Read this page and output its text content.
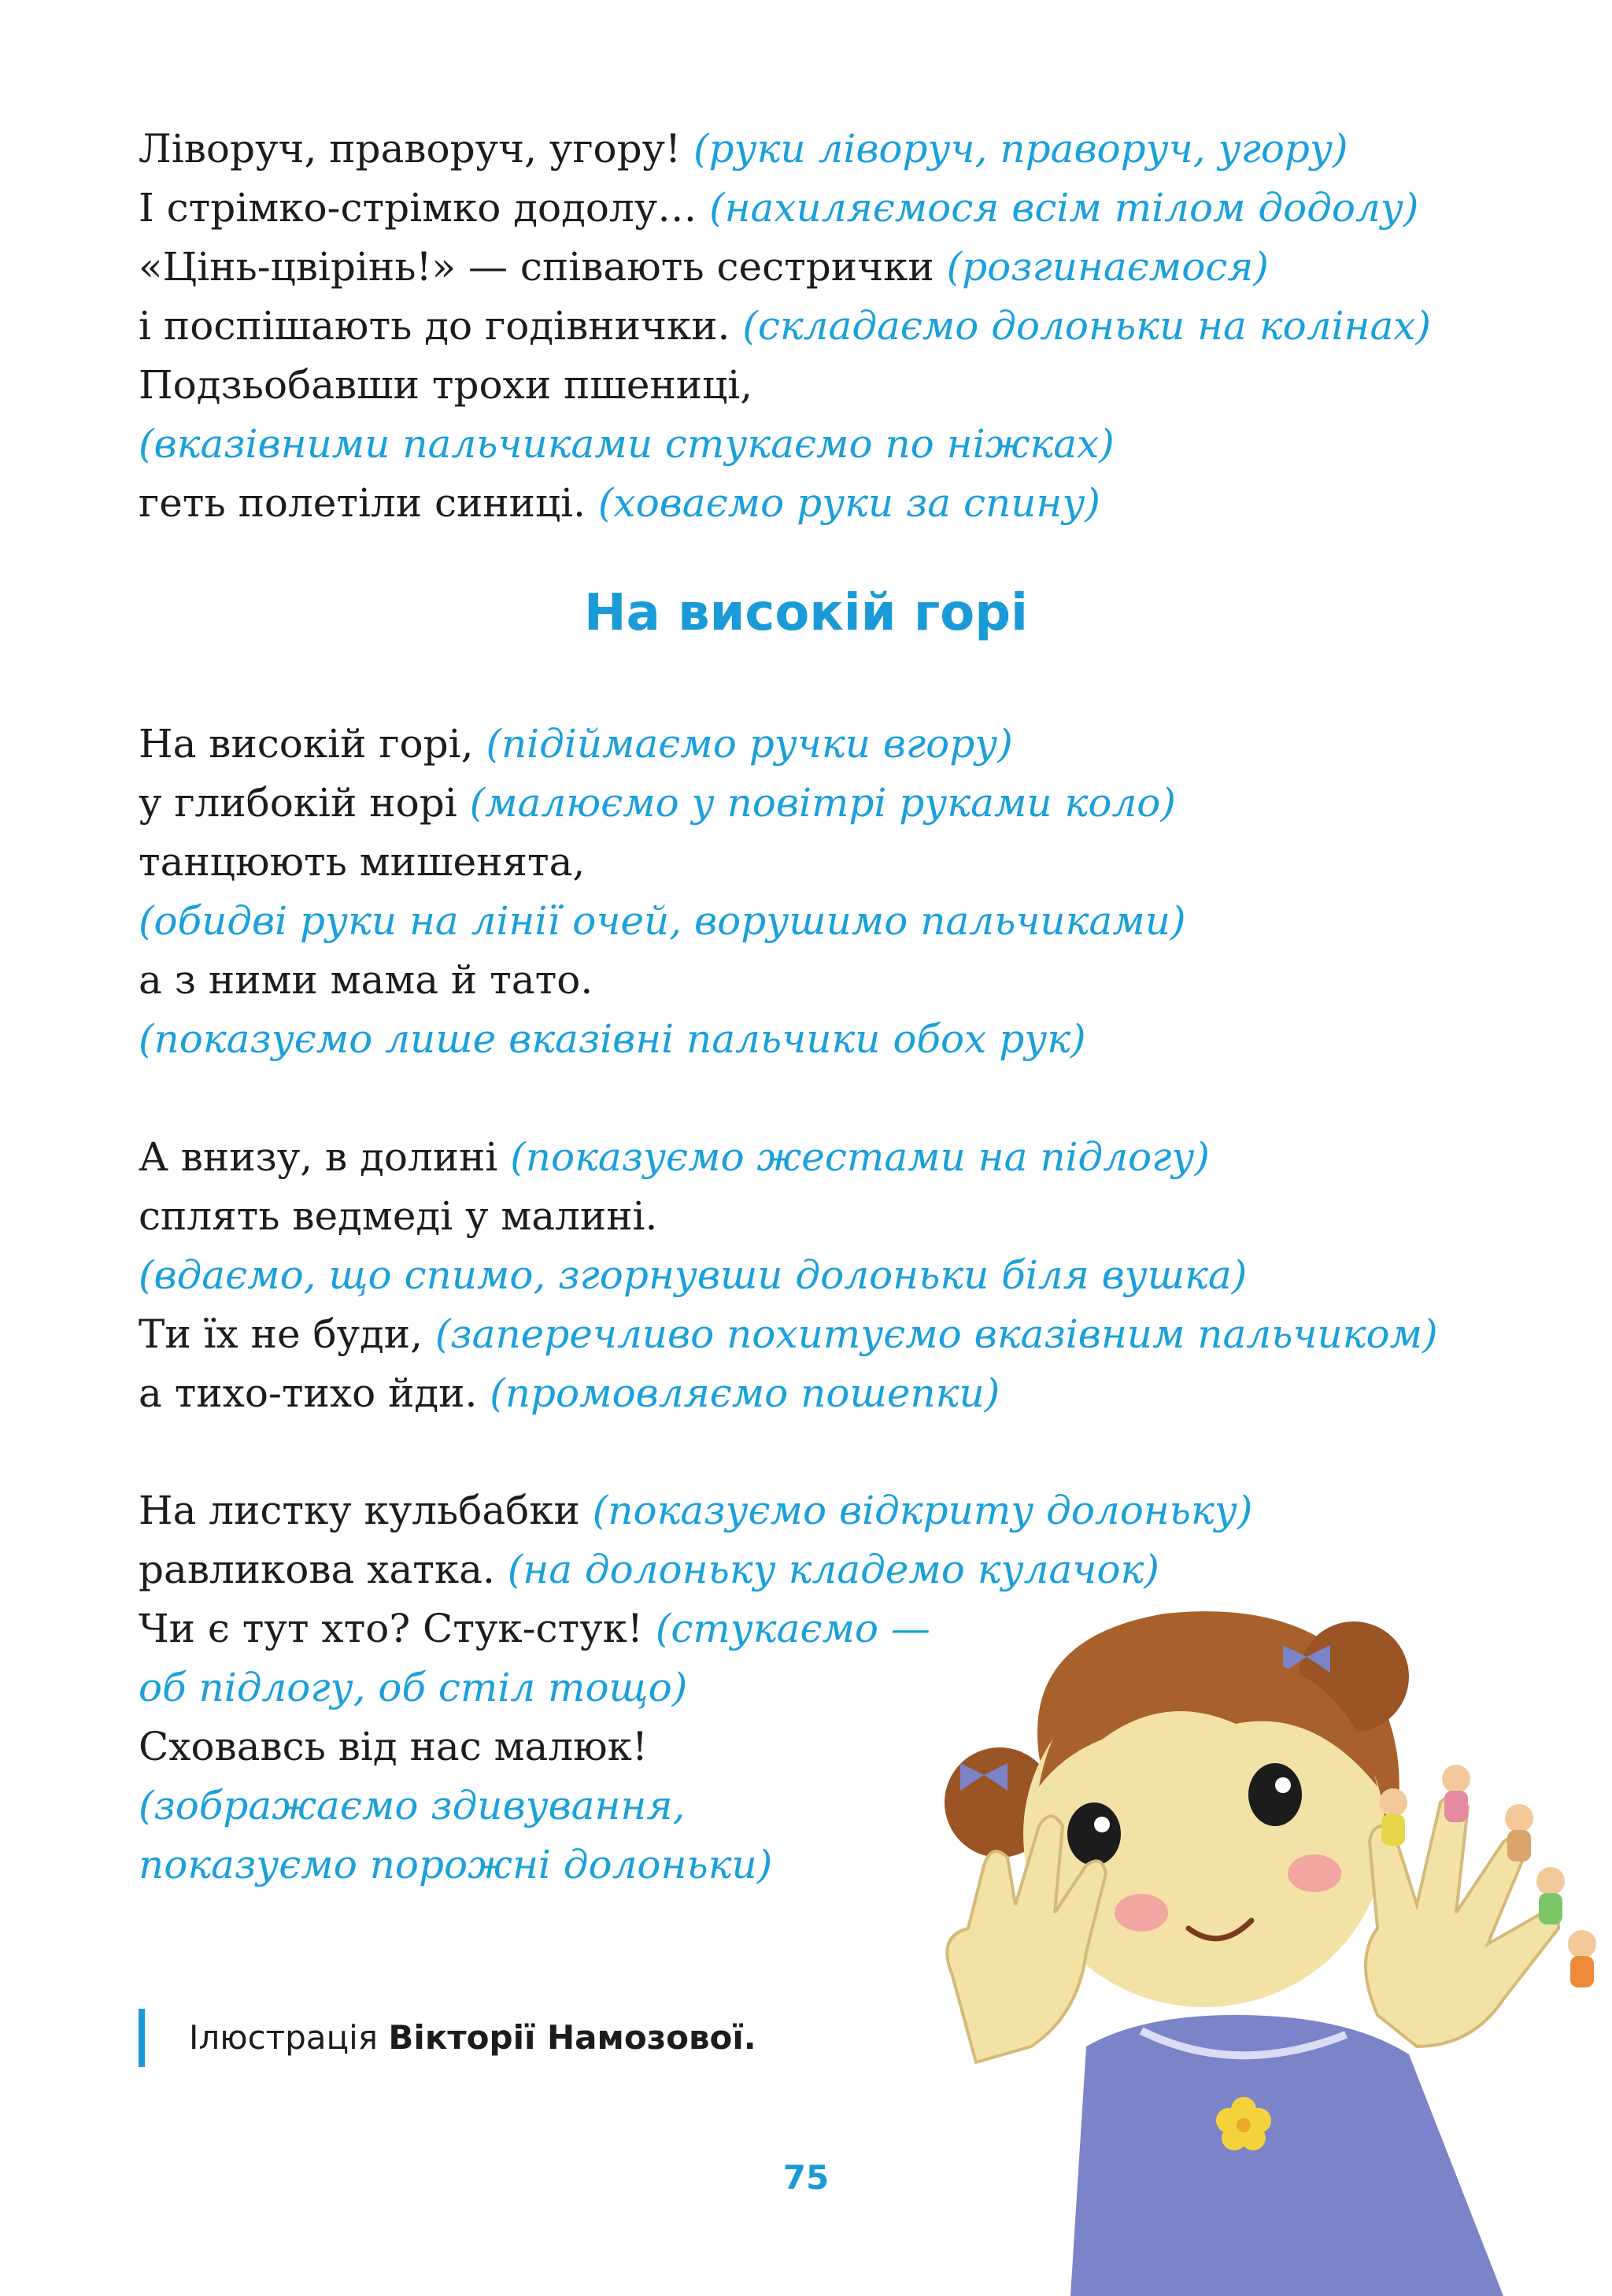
Ліворуч, праворуч, угору! (руки ліворуч, праворуч, угору)
І стрімко-стрімко додолу… (нахиляємося всім тілом додолу)
«Цінь-цвірінь!» — співають сестрички (розгинаємося)
і поспішають до годівнички. (складаємо долоньки на колінах)
Подзьобавши трохи пшениці,
(вказівними пальчиками стукаємо по ніжках)
геть полетіли синиці. (ховаємо руки за спину)
На високій горі
На високій горі, (підіймаємо ручки вгору)
у глибокій норі (малюємо у повітрі руками коло)
танцюють мишенята,
(обидві руки на лінії очей, ворушимо пальчиками)
а з ними мама й тато.
(показуємо лише вказівні пальчики обох рук)
А внизу, в долині (показуємо жестами на підлогу)
сплять ведмеді у малині.
(вдаємо, що спимо, згорнувши долоньки біля вушка)
Ти їх не буди, (заперечливо похитуємо вказівним пальчиком)
а тихо-тихо йди. (промовляємо пошепки)
На листку кульбабки (показуємо відкриту долоньку)
равликова хатка. (на долоньку кладемо кулачок)
Чи є тут хто? Стук-стук! (стукаємо —
об підлогу, об стіл тощо)
Сховавсь від нас малюк!
(зображаємо здивування,
показуємо порожні долоньки)
Ілюстрація Вікторії Намозової.
75
